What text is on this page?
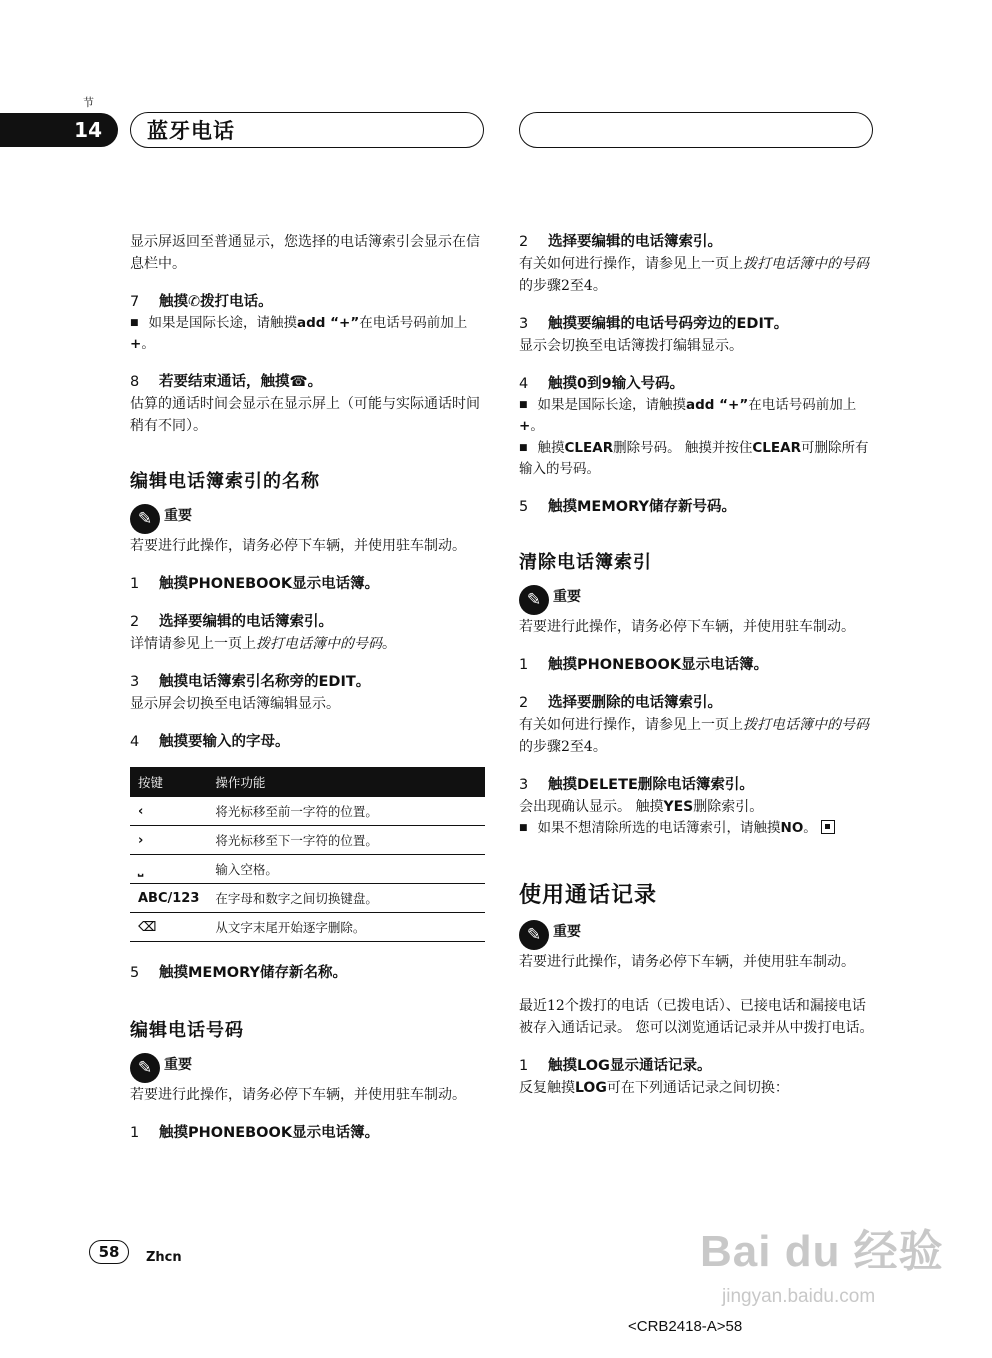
节
14	蓝牙电话

显示屏返回至普通显示，您选择的电话簿索引会显示在信息栏中。

7 触摸✆拨打电话。

■ 如果是国际长途，请触摸add “+”在电话号码前加上+。

8 若要结束通话，触摸☎。

估算的通话时间会显示在显示屏上（可能与实际通话时间稍有不同）。

编辑电话簿索引的名称

✎ 重要

若要进行此操作，请务必停下车辆，并使用驻车制动。

1 触摸PHONEBOOK显示电话簿。

2 选择要编辑的电话簿索引。

详情请参见上一页上拨打电话簿中的号码。

3 触摸电话簿索引名称旁的EDIT。

显示屏会切换至电话簿编辑显示。

4 触摸要输入的字母。

按键	操作功能
‹	将光标移至前一字符的位置。
›	将光标移至下一字符的位置。
⎵	输入空格。
ABC/123	在字母和数字之间切换键盘。
⌫	从文字末尾开始逐字删除。

5 触摸MEMORY储存新名称。

编辑电话号码

✎ 重要

若要进行此操作，请务必停下车辆，并使用驻车制动。

1 触摸PHONEBOOK显示电话簿。

2 选择要编辑的电话簿索引。

有关如何进行操作，请参见上一页上拨打电话簿中的号码的步骤2至4。

3 触摸要编辑的电话号码旁边的EDIT。

显示会切换至电话簿拨打编辑显示。

4 触摸0到9输入号码。

■ 如果是国际长途，请触摸add “+”在电话号码前加上+。

■ 触摸CLEAR删除号码。 触摸并按住CLEAR可删除所有输入的号码。

5 触摸MEMORY储存新号码。

清除电话簿索引

✎ 重要

若要进行此操作，请务必停下车辆，并使用驻车制动。

1 触摸PHONEBOOK显示电话簿。

2 选择要删除的电话簿索引。

有关如何进行操作，请参见上一页上拨打电话簿中的号码的步骤2至4。

3 触摸DELETE删除电话簿索引。

会出现确认显示。 触摸YES删除索引。

■ 如果不想清除所选的电话簿索引，请触摸NO。

使用通话记录

✎ 重要

若要进行此操作，请务必停下车辆，并使用驻车制动。

最近12个拨打的电话（已拨电话）、已接电话和漏接电话被存入通话记录。 您可以浏览通话记录并从中拨打电话。

1 触摸LOG显示通话记录。

反复触摸LOG可在下列通话记录之间切换：

58	Zhcn	Bai du 经验
jingyan.baidu.com
<CRB2418-A>58
